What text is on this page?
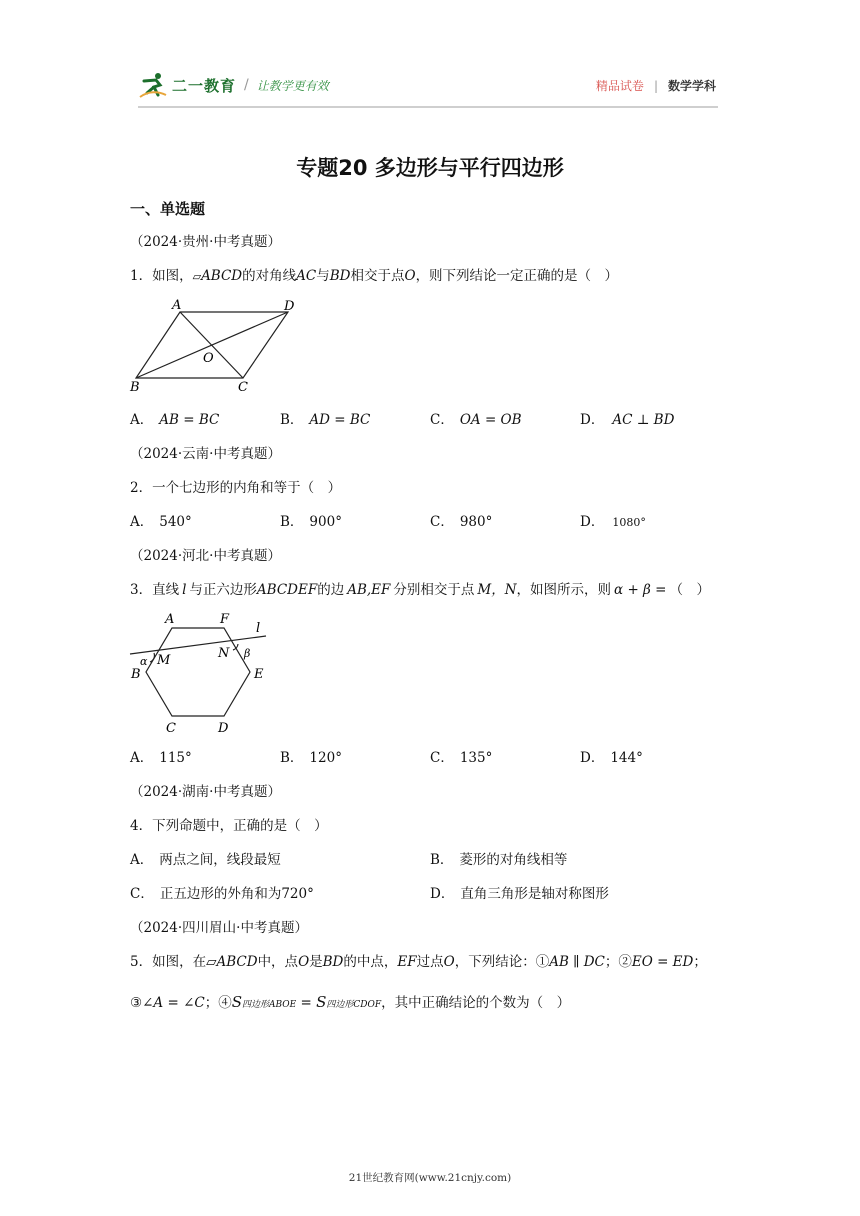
二一教育 / 让教学更有效	精品试卷 | 数学学科
专题20 多边形与平行四边形
一、单选题
（2024·贵州·中考真题）
1．如图，▱ABCD的对角线AC与BD相交于点O，则下列结论一定正确的是（　）
A	D
B	C
O
A． AB = BC	B． AD = BC	C． OA = OB	D． AC ⊥ BD
（2024·云南·中考真题）
2．一个七边形的内角和等于（　）
A． 540°	B． 900°	C． 980°	D． 1080°
（2024·河北·中考真题）
3．直线 l 与正六边形ABCDEF的边 AB,EF 分别相交于点 M，N，如图所示，则 α + β = （　）
A	F
l
M
α
N β
B	E
C	D
A． 115°	B． 120°	C． 135°	D． 144°
（2024·湖南·中考真题）
4．下列命题中，正确的是（　）
A． 两点之间，线段最短	B． 菱形的对角线相等
C． 正五边形的外角和为720°	D． 直角三角形是轴对称图形
（2024·四川眉山·中考真题）
5．如图，在▱ABCD中，点O是BD的中点，EF过点O，下列结论：①AB ∥ DC；②EO = ED；
③∠A = ∠C；④S四边形ABOE = S四边形CDOF，其中正确结论的个数为（　）
21世纪教育网(www.21cnjy.com)
